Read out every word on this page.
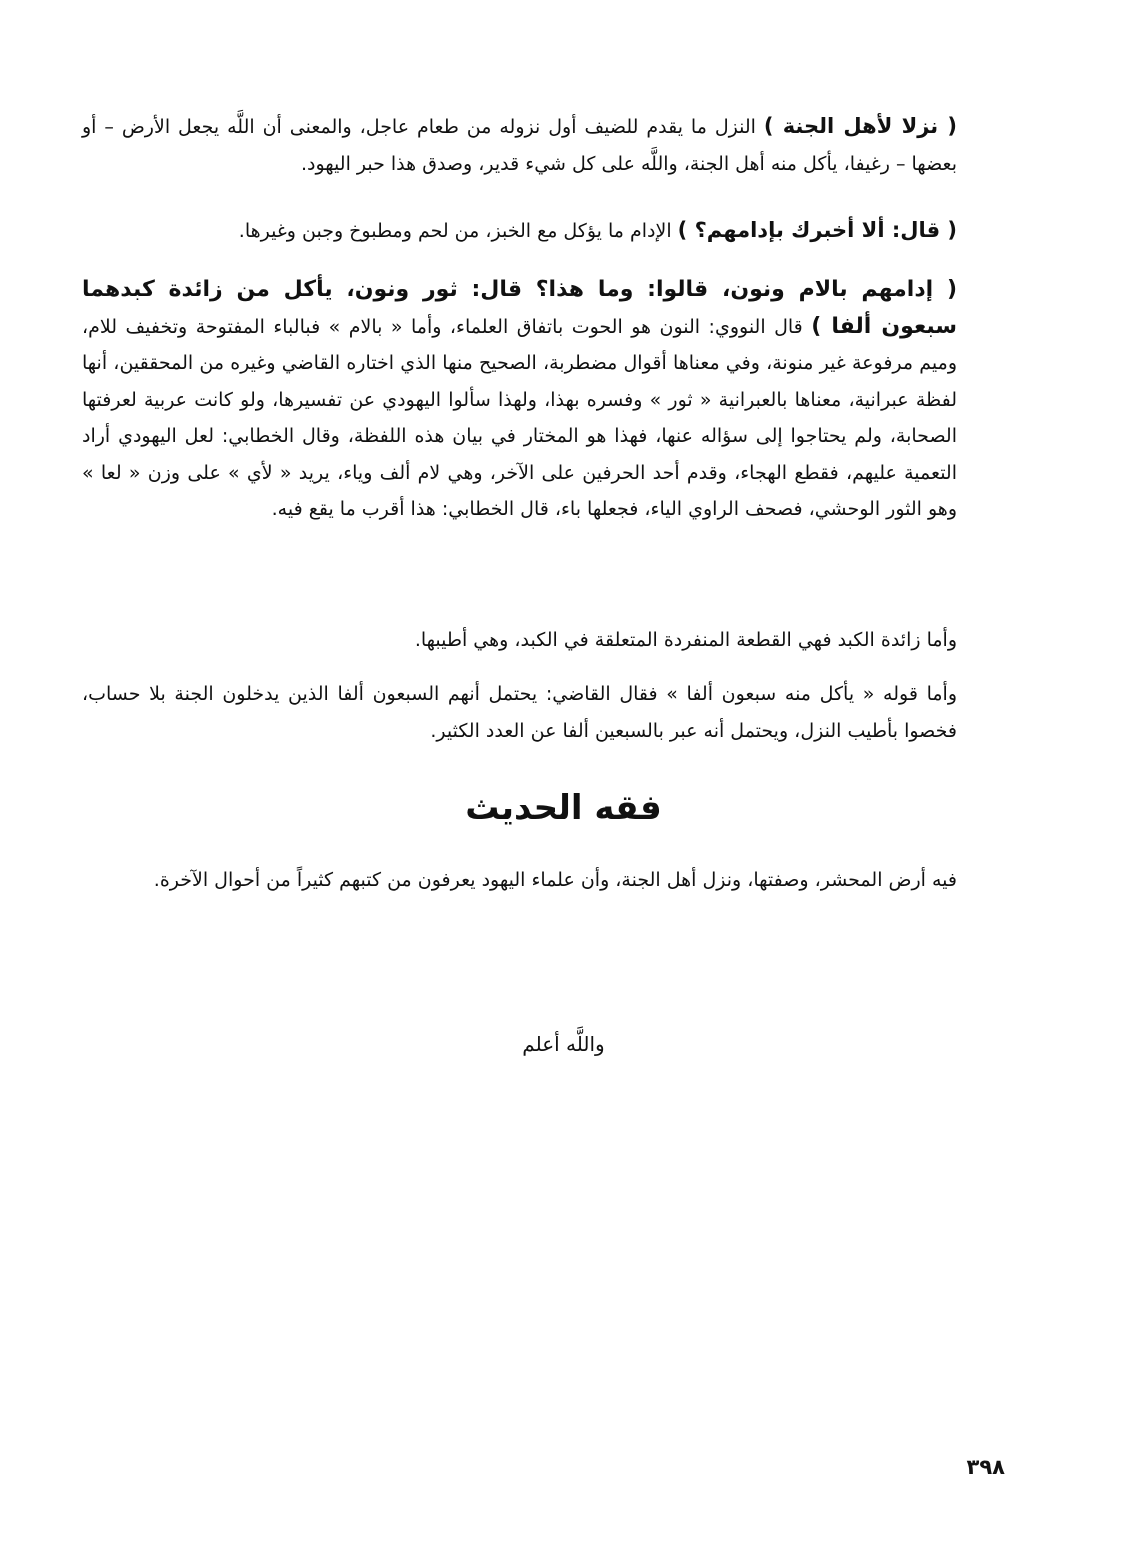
( نزلا لأهل الجنة ) النزل ما يقدم للضيف أول نزوله من طعام عاجل، والمعنى أن اللَّه يجعل الأرض – أو بعضها – رغيفا، يأكل منه أهل الجنة، واللَّه على كل شيء قدير، وصدق هذا حبر اليهود.

( قال: ألا أخبرك بإدامهم؟ ) الإدام ما يؤكل مع الخبز، من لحم ومطبوخ وجبن وغيرها.

( إدامهم بالام ونون، قالوا: وما هذا؟ قال: ثور ونون، يأكل من زائدة كبدهما سبعون ألفا ) قال النووي: النون هو الحوت باتفاق العلماء، وأما « بالام » فبالباء المفتوحة وتخفيف للام، وميم مرفوعة غير منونة، وفي معناها أقوال مضطربة، الصحيح منها الذي اختاره القاضي وغيره من المحققين، أنها لفظة عبرانية، معناها بالعبرانية « ثور » وفسره بهذا، ولهذا سألوا اليهودي عن تفسيرها، ولو كانت عربية لعرفتها الصحابة، ولم يحتاجوا إلى سؤاله عنها، فهذا هو المختار في بيان هذه اللفظة، وقال الخطابي: لعل اليهودي أراد التعمية عليهم، فقطع الهجاء، وقدم أحد الحرفين على الآخر، وهي لام ألف وياء، يريد « لأي » على وزن « لعا » وهو الثور الوحشي، فصحف الراوي الياء، فجعلها باء، قال الخطابي: هذا أقرب ما يقع فيه.

وأما زائدة الكبد فهي القطعة المنفردة المتعلقة في الكبد، وهي أطيبها.

وأما قوله « يأكل منه سبعون ألفا » فقال القاضي: يحتمل أنهم السبعون ألفا الذين يدخلون الجنة بلا حساب، فخصوا بأطيب النزل، ويحتمل أنه عبر بالسبعين ألفا عن العدد الكثير.

فقه الحديث

فيه أرض المحشر، وصفتها، ونزل أهل الجنة، وأن علماء اليهود يعرفون من كتبهم كثيراً من أحوال الآخرة.

واللَّه أعلم
٣٩٨
